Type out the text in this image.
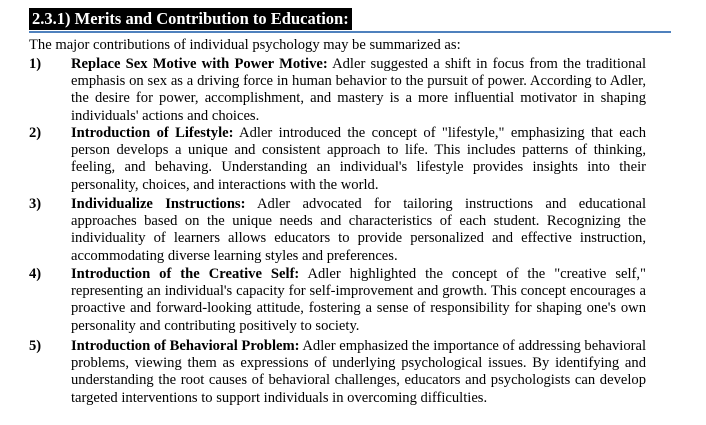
2.3.1) Merits and Contribution to Education:
The major contributions of individual psychology may be summarized as:
1) Replace Sex Motive with Power Motive: Adler suggested a shift in focus from the traditional emphasis on sex as a driving force in human behavior to the pursuit of power. According to Adler, the desire for power, accomplishment, and mastery is a more influential motivator in shaping individuals' actions and choices.
2) Introduction of Lifestyle: Adler introduced the concept of "lifestyle," emphasizing that each person develops a unique and consistent approach to life. This includes patterns of thinking, feeling, and behaving. Understanding an individual's lifestyle provides insights into their personality, choices, and interactions with the world.
3) Individualize Instructions: Adler advocated for tailoring instructions and educational approaches based on the unique needs and characteristics of each student. Recognizing the individuality of learners allows educators to provide personalized and effective instruction, accommodating diverse learning styles and preferences.
4) Introduction of the Creative Self: Adler highlighted the concept of the "creative self," representing an individual's capacity for self-improvement and growth. This concept encourages a proactive and forward-looking attitude, fostering a sense of responsibility for shaping one's own personality and contributing positively to society.
5) Introduction of Behavioral Problem: Adler emphasized the importance of addressing behavioral problems, viewing them as expressions of underlying psychological issues. By identifying and understanding the root causes of behavioral challenges, educators and psychologists can develop targeted interventions to support individuals in overcoming difficulties.
